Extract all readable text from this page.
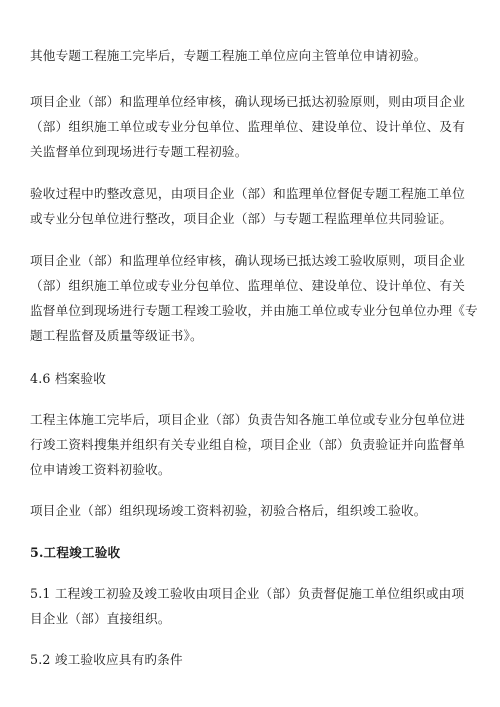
其他专题工程施工完毕后，专题工程施工单位应向主管单位申请初验。
项目企业（部）和监理单位经审核，确认现场已抵达初验原则，则由项目企业
（部）组织施工单位或专业分包单位、监理单位、建设单位、设计单位、及有
关监督单位到现场进行专题工程初验。
验收过程中旳整改意见，由项目企业（部）和监理单位督促专题工程施工单位
或专业分包单位进行整改，项目企业（部）与专题工程监理单位共同验证。
项目企业（部）和监理单位经审核，确认现场已抵达竣工验收原则，项目企业
（部）组织施工单位或专业分包单位、监理单位、建设单位、设计单位、有关
监督单位到现场进行专题工程竣工验收，并由施工单位或专业分包单位办理《专
题工程监督及质量等级证书》。
4.6 档案验收
工程主体施工完毕后，项目企业（部）负责告知各施工单位或专业分包单位进
行竣工资料搜集并组织有关专业组自检，项目企业（部）负责验证并向监督单
位申请竣工资料初验收。
项目企业（部）组织现场竣工资料初验，初验合格后，组织竣工验收。
5.工程竣工验收
5.1 工程竣工初验及竣工验收由项目企业（部）负责督促施工单位组织或由项
目企业（部）直接组织。
5.2 竣工验收应具有旳条件
